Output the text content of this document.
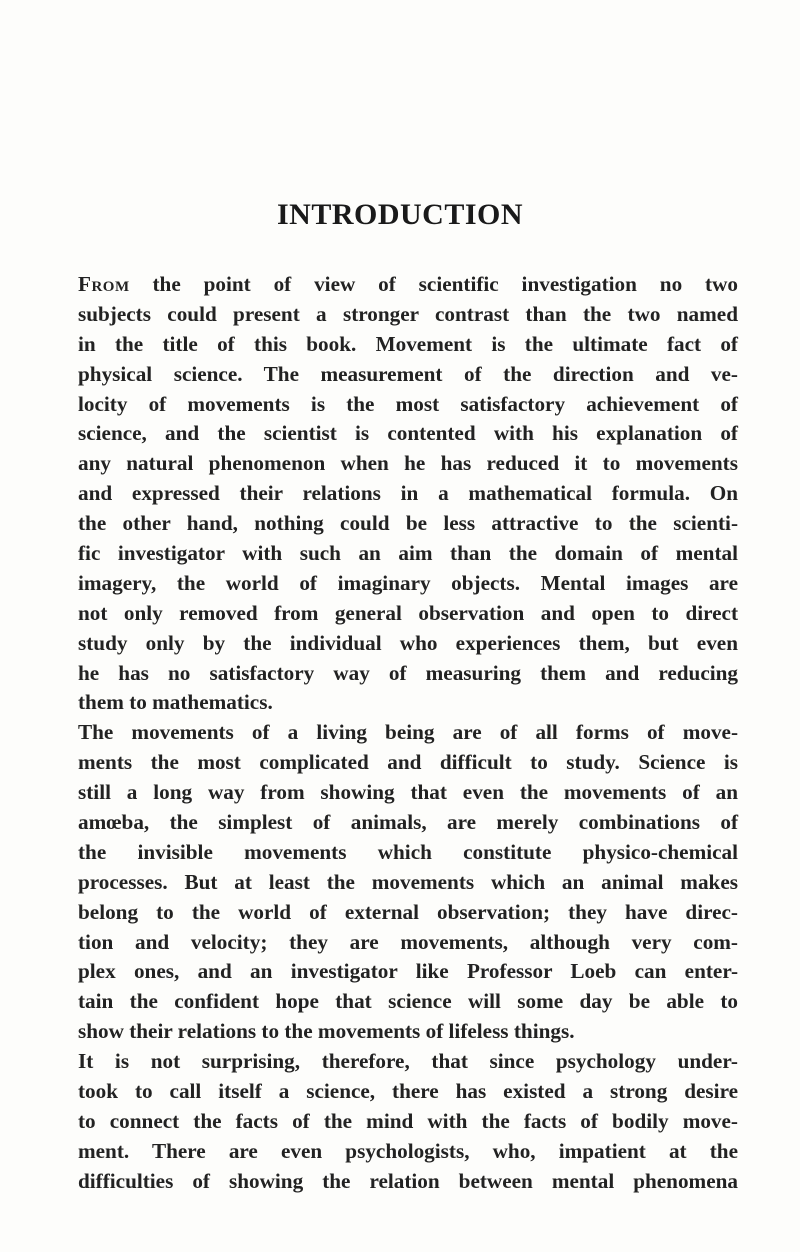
INTRODUCTION
From the point of view of scientific investigation no two
subjects could present a stronger contrast than the two named
in the title of this book. Movement is the ultimate fact of
physical science. The measurement of the direction and ve-
locity of movements is the most satisfactory achievement of
science, and the scientist is contented with his explanation of
any natural phenomenon when he has reduced it to movements
and expressed their relations in a mathematical formula. On
the other hand, nothing could be less attractive to the scienti-
fic investigator with such an aim than the domain of mental
imagery, the world of imaginary objects. Mental images are
not only removed from general observation and open to direct
study only by the individual who experiences them, but even
he has no satisfactory way of measuring them and reducing
them to mathematics.
The movements of a living being are of all forms of move-
ments the most complicated and difficult to study. Science is
still a long way from showing that even the movements of an
amœba, the simplest of animals, are merely combinations of
the invisible movements which constitute physico-chemical
processes. But at least the movements which an animal makes
belong to the world of external observation; they have direc-
tion and velocity; they are movements, although very com-
plex ones, and an investigator like Professor Loeb can enter-
tain the confident hope that science will some day be able to
show their relations to the movements of lifeless things.
It is not surprising, therefore, that since psychology under-
took to call itself a science, there has existed a strong desire
to connect the facts of the mind with the facts of bodily move-
ment. There are even psychologists, who, impatient at the
difficulties of showing the relation between mental phenomena
